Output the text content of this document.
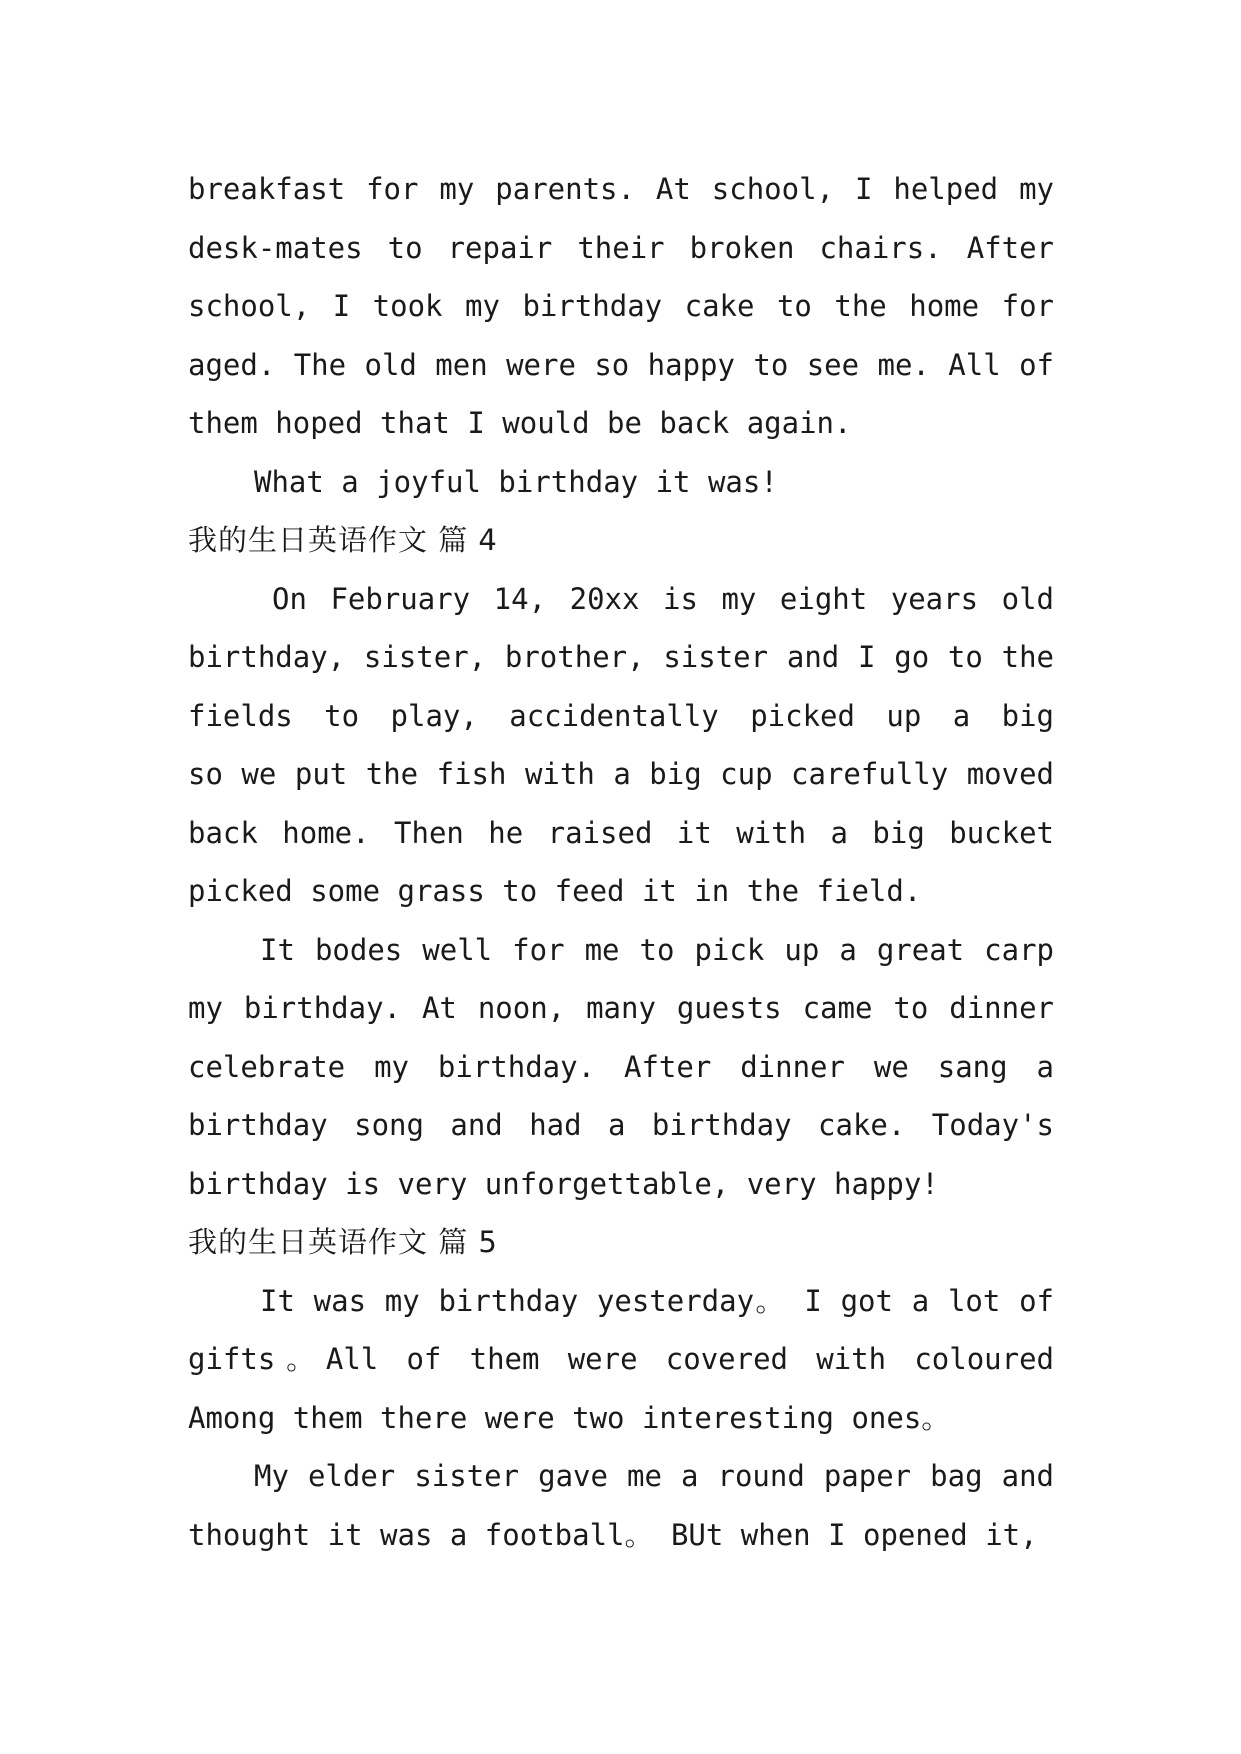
breakfast for my parents. At school, I helped my
desk-mates to repair their broken chairs. After
school, I took my birthday cake to the home for
aged. The old men were so happy to see me. All of
them hoped that I would be back again.
What a joyful birthday it was!
我的生日英语作文 篇 4
On February 14, 20xx is my eight years old
birthday, sister, brother, sister and I go to the
fields to play, accidentally picked up a big
so we put the fish with a big cup carefully moved
back home. Then he raised it with a big bucket
picked some grass to feed it in the field.
It bodes well for me to pick up a great carp
my birthday. At noon, many guests came to dinner
celebrate my birthday. After dinner we sang a
birthday song and had a birthday cake. Today's
birthday is very unforgettable, very happy!
我的生日英语作文 篇 5
It was my birthday yesterday。 I got a lot of
gifts。All of them were covered with coloured
Among them there were two interesting ones。
My elder sister gave me a round paper bag and
thought it was a football。 BUt when I opened it,
